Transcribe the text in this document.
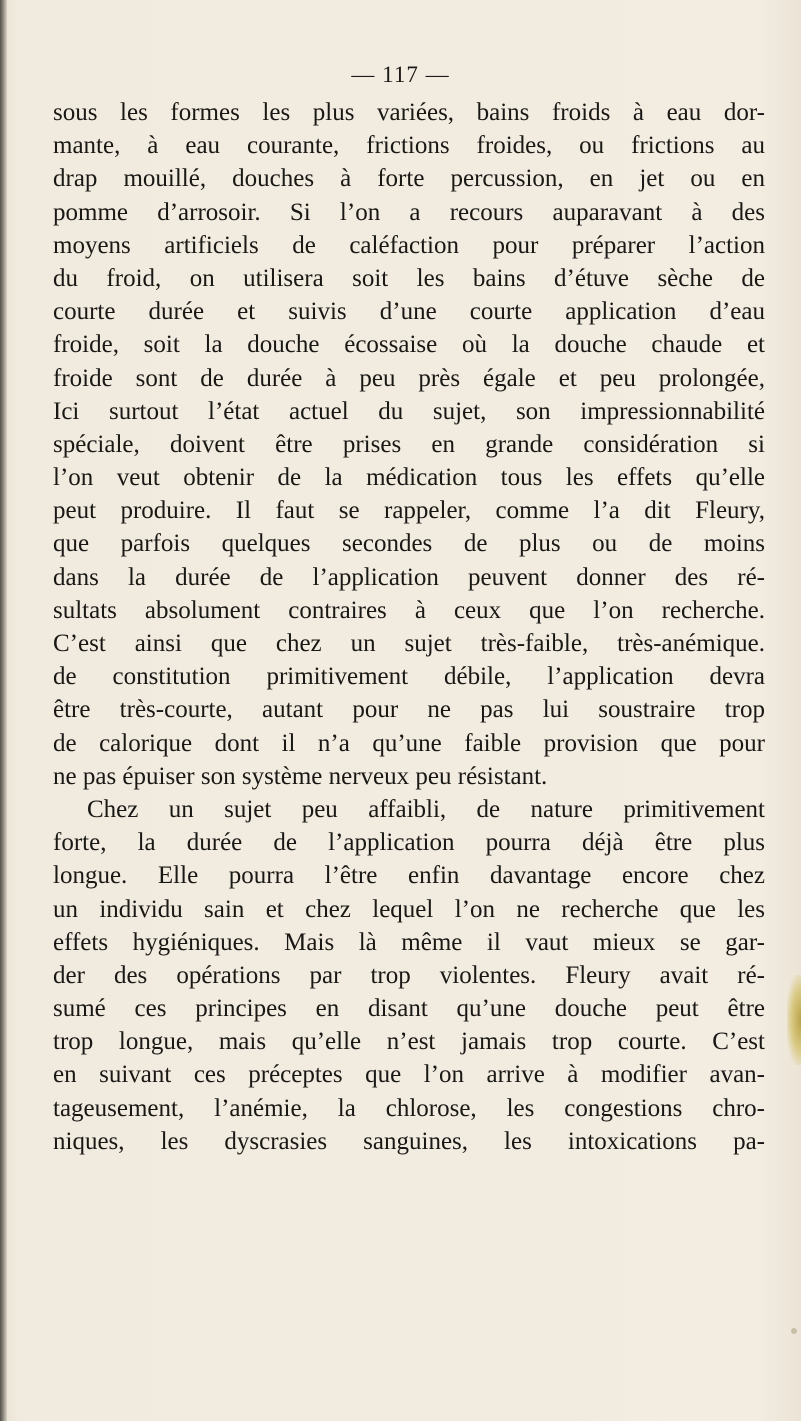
— 117 —
sous les formes les plus variées, bains froids à eau dor-
mante, à eau courante, frictions froides, ou frictions au
drap mouillé, douches à forte percussion, en jet ou en
pomme d’arrosoir. Si l’on a recours auparavant à des
moyens artificiels de caléfaction pour préparer l’action
du froid, on utilisera soit les bains d’étuve sèche de
courte durée et suivis d’une courte application d’eau
froide, soit la douche écossaise où la douche chaude et
froide sont de durée à peu près égale et peu prolongée,
Ici surtout l’état actuel du sujet, son impressionnabilité
spéciale, doivent être prises en grande considération si
l’on veut obtenir de la médication tous les effets qu’elle
peut produire. Il faut se rappeler, comme l’a dit Fleury,
que parfois quelques secondes de plus ou de moins
dans la durée de l’application peuvent donner des ré-
sultats absolument contraires à ceux que l’on recherche.
C’est ainsi que chez un sujet très-faible, très-anémique.
de constitution primitivement débile, l’application devra
être très-courte, autant pour ne pas lui soustraire trop
de calorique dont il n’a qu’une faible provision que pour
ne pas épuiser son système nerveux peu résistant.
Chez un sujet peu affaibli, de nature primitivement
forte, la durée de l’application pourra déjà être plus
longue. Elle pourra l’être enfin davantage encore chez
un individu sain et chez lequel l’on ne recherche que les
effets hygiéniques. Mais là même il vaut mieux se gar-
der des opérations par trop violentes. Fleury avait ré-
sumé ces principes en disant qu’une douche peut être
trop longue, mais qu’elle n’est jamais trop courte. C’est
en suivant ces préceptes que l’on arrive à modifier avan-
tageusement, l’anémie, la chlorose, les congestions chro-
niques, les dyscrasies sanguines, les intoxications pa-
